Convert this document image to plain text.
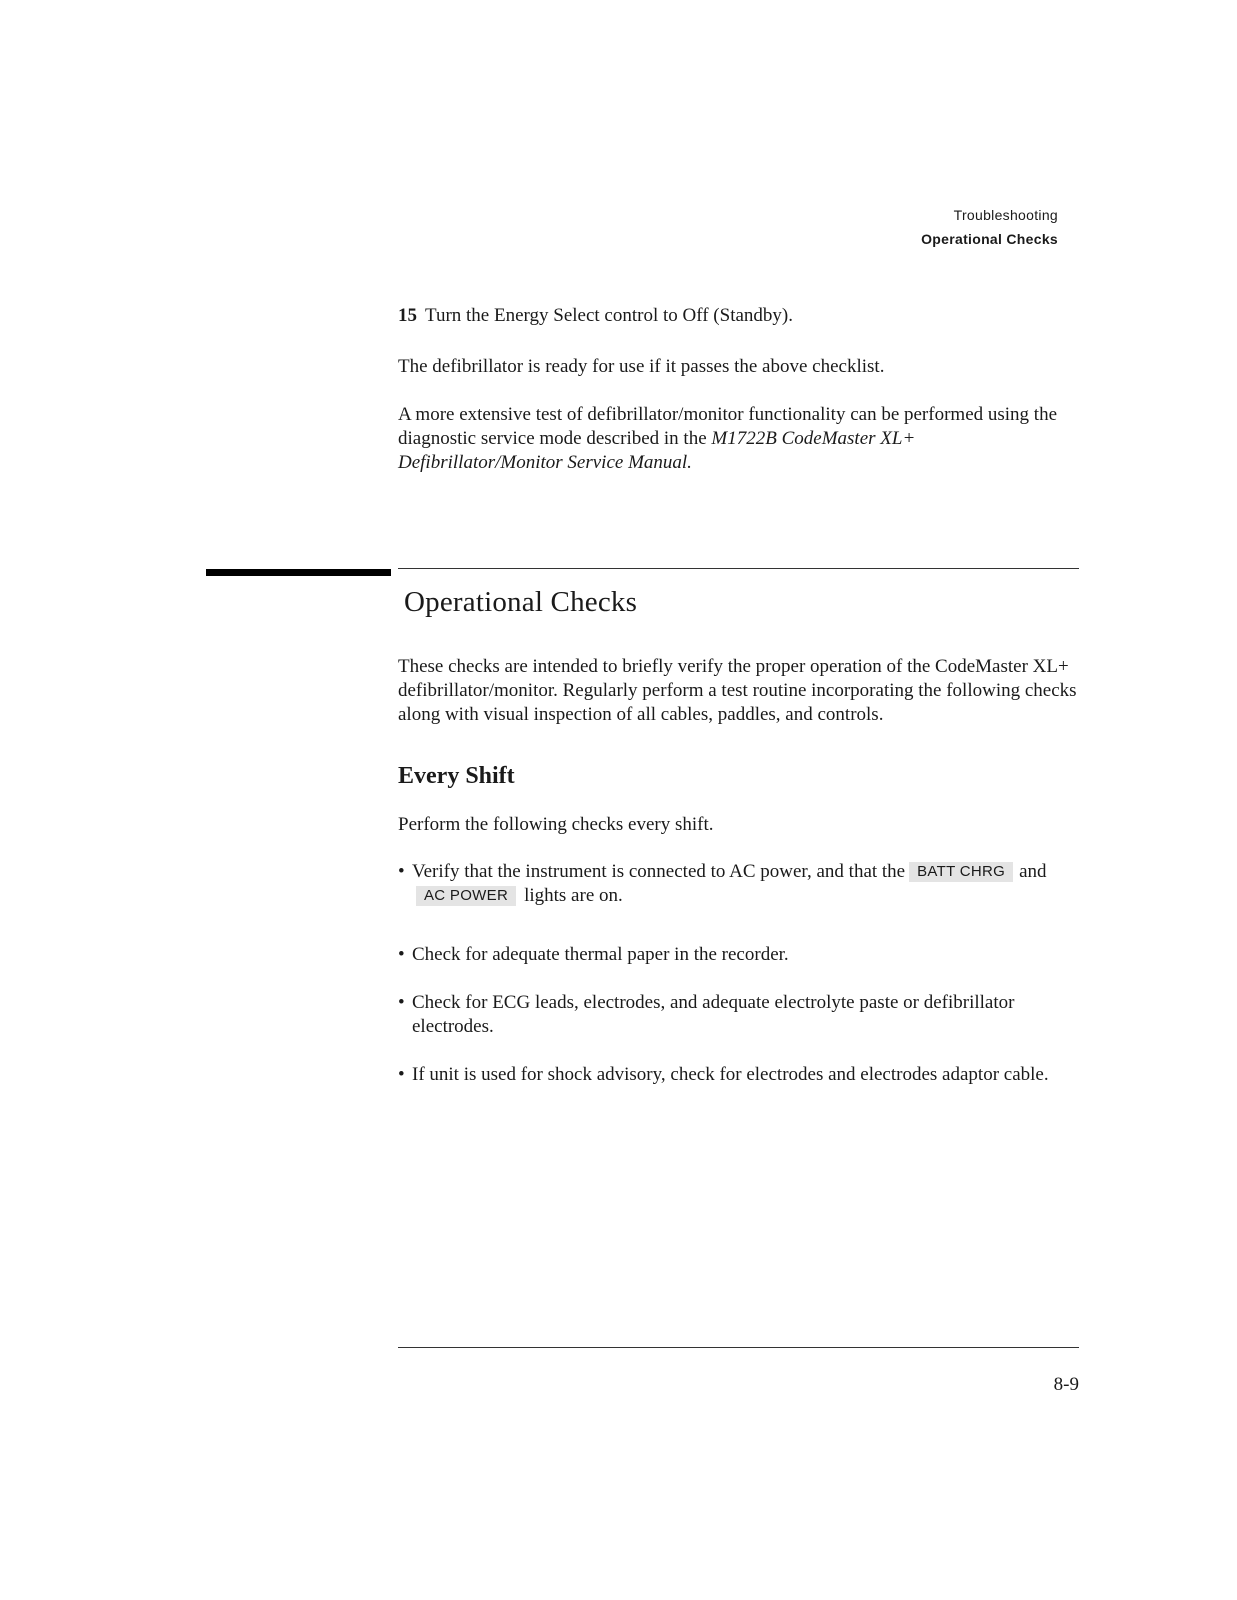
Troubleshooting
Operational Checks
15 Turn the Energy Select control to Off (Standby).
The defibrillator is ready for use if it passes the above checklist.
A more extensive test of defibrillator/monitor functionality can be performed using the diagnostic service mode described in the M1722B CodeMaster XL+ Defibrillator/Monitor Service Manual.
Operational Checks
These checks are intended to briefly verify the proper operation of the CodeMaster XL+ defibrillator/monitor. Regularly perform a test routine incorporating the following checks along with visual inspection of all cables, paddles, and controls.
Every Shift
Perform the following checks every shift.
• Verify that the instrument is connected to AC power, and that the BATT CHRG and
AC POWER lights are on.
• Check for adequate thermal paper in the recorder.
• Check for ECG leads, electrodes, and adequate electrolyte paste or defibrillator electrodes.
• If unit is used for shock advisory, check for electrodes and electrodes adaptor cable.
8-9
